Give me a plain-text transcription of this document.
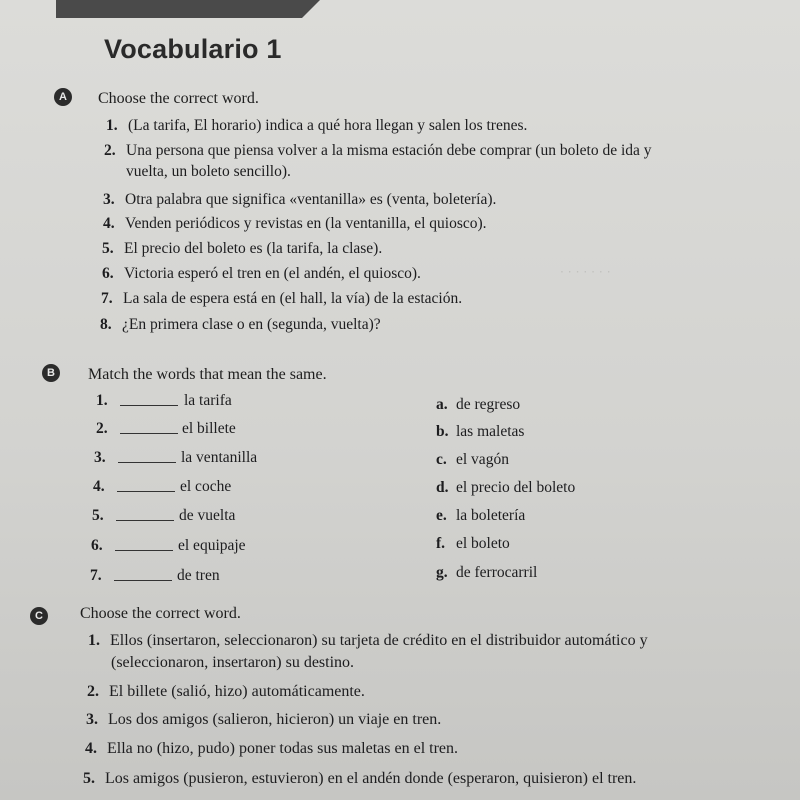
. . . . . . .
Vocabulario 1
A	Choose the correct word.
1. (La tarifa, El horario) indica a qué hora llegan y salen los trenes.
2. Una persona que piensa volver a la misma estación debe comprar (un boleto de ida y
vuelta, un boleto sencillo).
3. Otra palabra que significa «ventanilla» es (venta, boletería).
4. Venden periódicos y revistas en (la ventanilla, el quiosco).
5. El precio del boleto es (la tarifa, la clase).
6. Victoria esperó el tren en (el andén, el quiosco).
7. La sala de espera está en (el hall, la vía) de la estación.
8. ¿En primera clase o en (segunda, vuelta)?
B	Match the words that mean the same.
1.	la tarifa
2.	el billete
3.	la ventanilla
4.	el coche
5.	de vuelta
6.	el equipaje
7.	de tren
a. de regreso
b. las maletas
c. el vagón
d. el precio del boleto
e. la boletería
f. el boleto
g. de ferrocarril
C	Choose the correct word.
1. Ellos (insertaron, seleccionaron) su tarjeta de crédito en el distribuidor automático y
(seleccionaron, insertaron) su destino.
2. El billete (salió, hizo) automáticamente.
3. Los dos amigos (salieron, hicieron) un viaje en tren.
4. Ella no (hizo, pudo) poner todas sus maletas en el tren.
5. Los amigos (pusieron, estuvieron) en el andén donde (esperaron, quisieron) el tren.
